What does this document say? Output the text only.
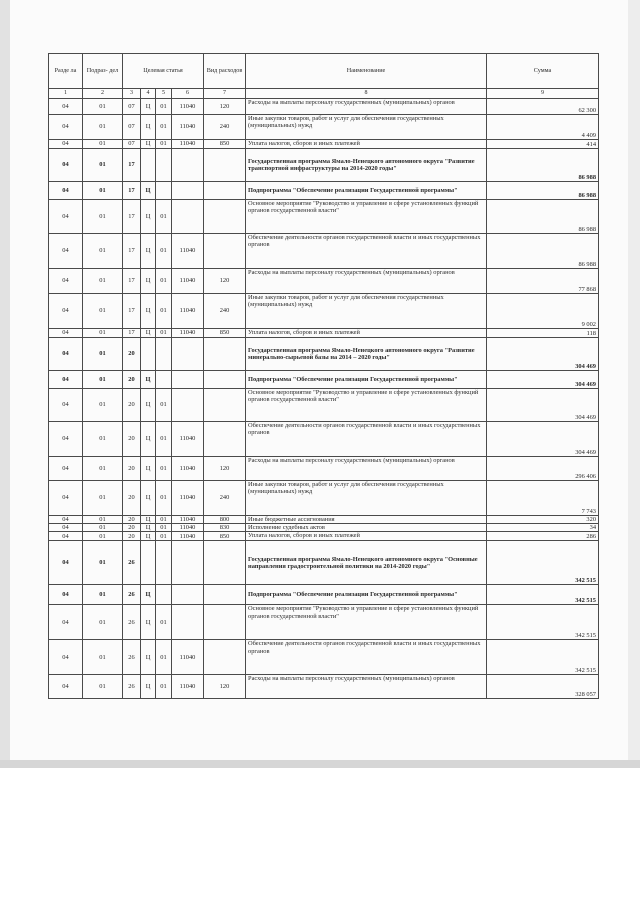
Разде ла	Подраз- дел	Целевая статья				Вид расходов	Наименование	Сумма
1	2	3	4	5	6	7	8	9
04	01	07	Ц	01	11040	120	Расходы на выплаты персоналу государственных (муниципальных) органов	62 300
04	01	07	Ц	01	11040	240	Иные закупки товаров, работ и услуг для обеспечения государственных (муниципальных) нужд	4 409
04	01	07	Ц	01	11040	850	Уплата налогов, сборов и иных платежей	414
04	01	17					Государственная программа Ямало-Ненецкого автономного округа "Развитие транспортной инфраструктуры на 2014-2020 годы"	86 988
04	01	17	Ц				Подпрограмма "Обеспечение реализации Государственной программы"	86 988
04	01	17	Ц	01			Основное мероприятие "Руководство и управление в сфере установленных функций органов государственной власти"	86 988
04	01	17	Ц	01	11040		Обеспечение деятельности органов государственной власти и иных государственных органов	86 988
04	01	17	Ц	01	11040	120	Расходы на выплаты персоналу государственных (муниципальных) органов	77 868
04	01	17	Ц	01	11040	240	Иные закупки товаров, работ и услуг для обеспечения государственных (муниципальных) нужд	9 002
04	01	17	Ц	01	11040	850	Уплата налогов, сборов и иных платежей	118
04	01	20					Государственная программа Ямало-Ненецкого автономного округа "Развитие минерально-сырьевой базы на 2014 – 2020 годы"	304 469
04	01	20	Ц				Подпрограмма "Обеспечение реализации Государственной программы"	304 469
04	01	20	Ц	01			Основное мероприятие "Руководство и управление в сфере установленных функций органов государственной власти"	304 469
04	01	20	Ц	01	11040		Обеспечение деятельности органов государственной власти и иных государственных органов	304 469
04	01	20	Ц	01	11040	120	Расходы на выплаты персоналу государственных (муниципальных) органов	296 406
04	01	20	Ц	01	11040	240	Иные закупки товаров, работ и услуг для обеспечения государственных (муниципальных) нужд	7 743
04	01	20	Ц	01	11040	800	Иные бюджетные ассигнования	320
04	01	20	Ц	01	11040	830	Исполнение судебных актов	34
04	01	20	Ц	01	11040	850	Уплата налогов, сборов и иных платежей	286
04	01	26					Государственная программа Ямало-Ненецкого автономного округа "Основные направления градостроительной политики на 2014-2020 годы"	342 515
04	01	26	Ц				Подпрограмма "Обеспечение реализации Государственной программы"	342 515
04	01	26	Ц	01			Основное мероприятие "Руководство и управление в сфере установленных функций органов государственной власти"	342 515
04	01	26	Ц	01	11040		Обеспечение деятельности органов государственной власти и иных государственных органов	342 515
04	01	26	Ц	01	11040	120	Расходы на выплаты персоналу государственных (муниципальных) органов	328 057
